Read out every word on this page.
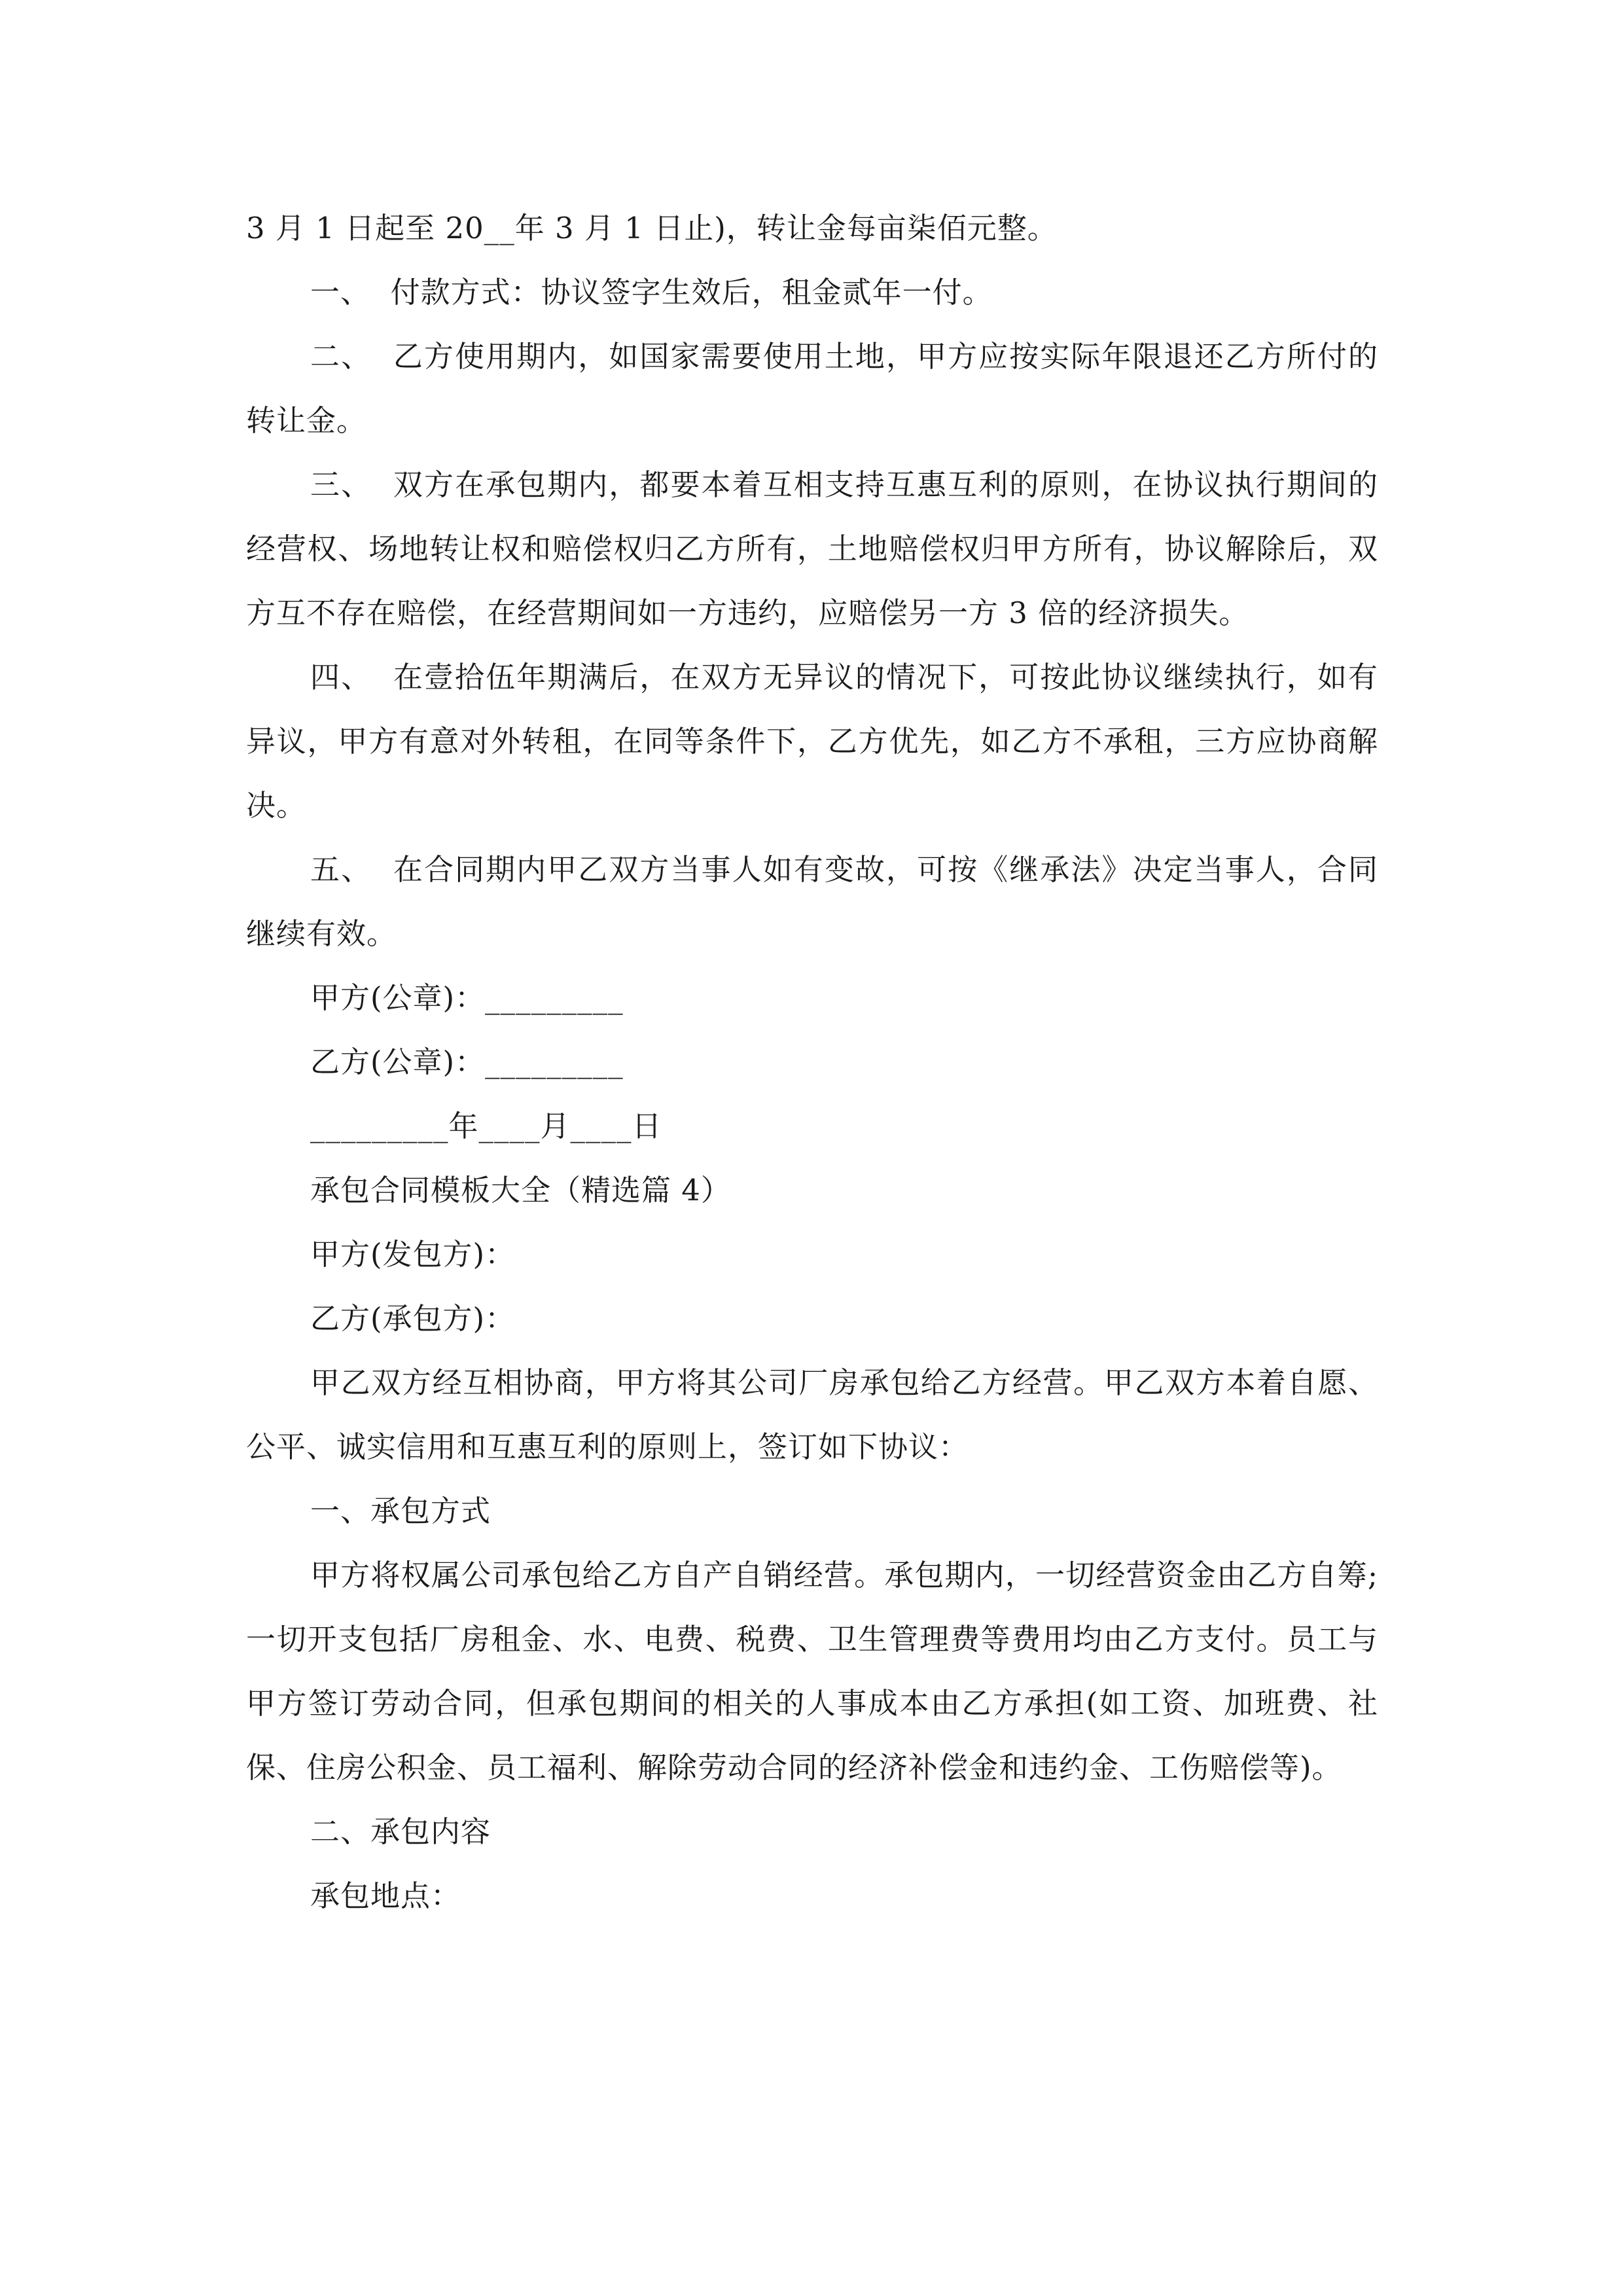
3 月 1 日起至 20__年 3 月 1 日止)，转让金每亩柒佰元整。

一、  付款方式：协议签字生效后，租金贰年一付。

二、  乙方使用期内，如国家需要使用土地，甲方应按实际年限退还乙方所付的转让金。

三、  双方在承包期内，都要本着互相支持互惠互利的原则，在协议执行期间的经营权、场地转让权和赔偿权归乙方所有，土地赔偿权归甲方所有，协议解除后，双方互不存在赔偿，在经营期间如一方违约，应赔偿另一方 3 倍的经济损失。

四、  在壹拾伍年期满后，在双方无异议的情况下，可按此协议继续执行，如有异议，甲方有意对外转租，在同等条件下，乙方优先，如乙方不承租，三方应协商解决。

五、  在合同期内甲乙双方当事人如有变故，可按《继承法》决定当事人，合同继续有效。

甲方(公章)：_________

乙方(公章)：_________

_________年____月____日

承包合同模板大全（精选篇 4）

甲方(发包方)：

乙方(承包方)：

甲乙双方经互相协商，甲方将其公司厂房承包给乙方经营。甲乙双方本着自愿、公平、诚实信用和互惠互利的原则上，签订如下协议：

一、承包方式

甲方将权属公司承包给乙方自产自销经营。承包期内，一切经营资金由乙方自筹;一切开支包括厂房租金、水、电费、税费、卫生管理费等费用均由乙方支付。员工与甲方签订劳动合同，但承包期间的相关的人事成本由乙方承担(如工资、加班费、社保、住房公积金、员工福利、解除劳动合同的经济补偿金和违约金、工伤赔偿等)。

二、承包内容

承包地点：
